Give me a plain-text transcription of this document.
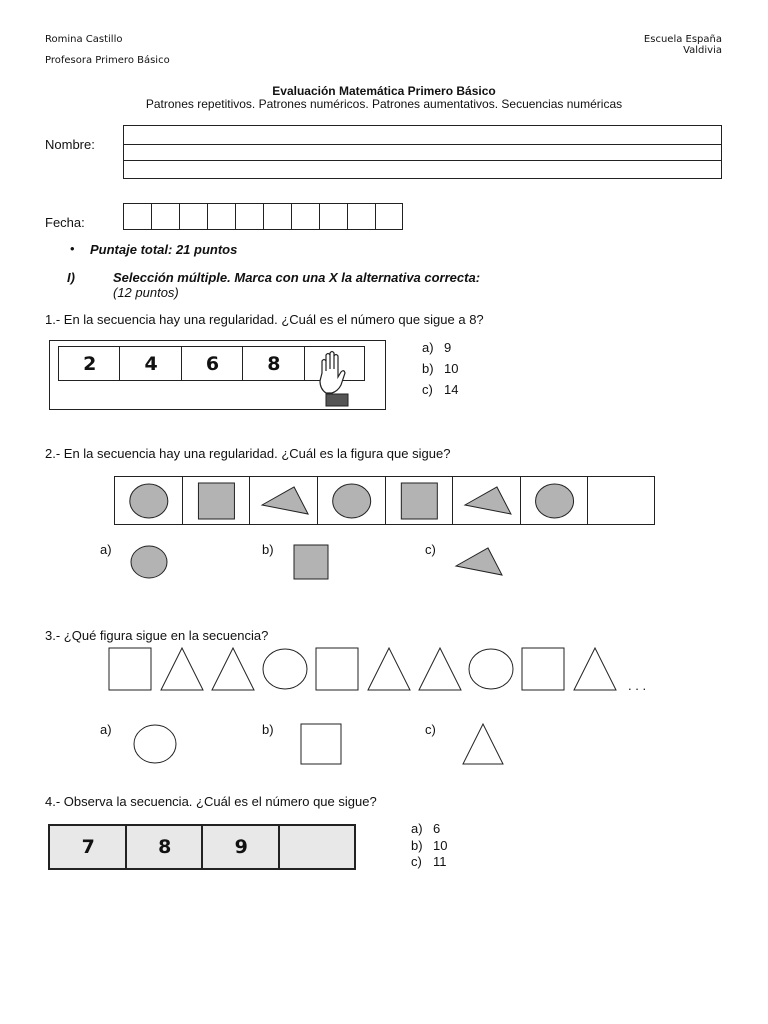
Romina Castillo
Profesora Primero Básico
Escuela España
Valdivia
Evaluación Matemática Primero Básico
Patrones repetitivos. Patrones numéricos. Patrones aumentativos. Secuencias numéricas
Nombre:
Fecha:
• Puntaje total: 21 puntos
I)	Selección múltiple. Marca con una X la alternativa correcta:
(12 puntos)
1.- En la secuencia hay una regularidad. ¿Cuál es el número que sigue a 8?
2	4	6	8
a) 9
b) 10
c) 14
2.- En la secuencia hay una regularidad. ¿Cuál es la figura que sigue?
a)	b)	c)
3.- ¿Qué figura sigue en la secuencia?
. . .
a)	b)	c)
4.- Observa la secuencia. ¿Cuál es el número que sigue?
7	8	9
a) 6
b) 10
c) 11
